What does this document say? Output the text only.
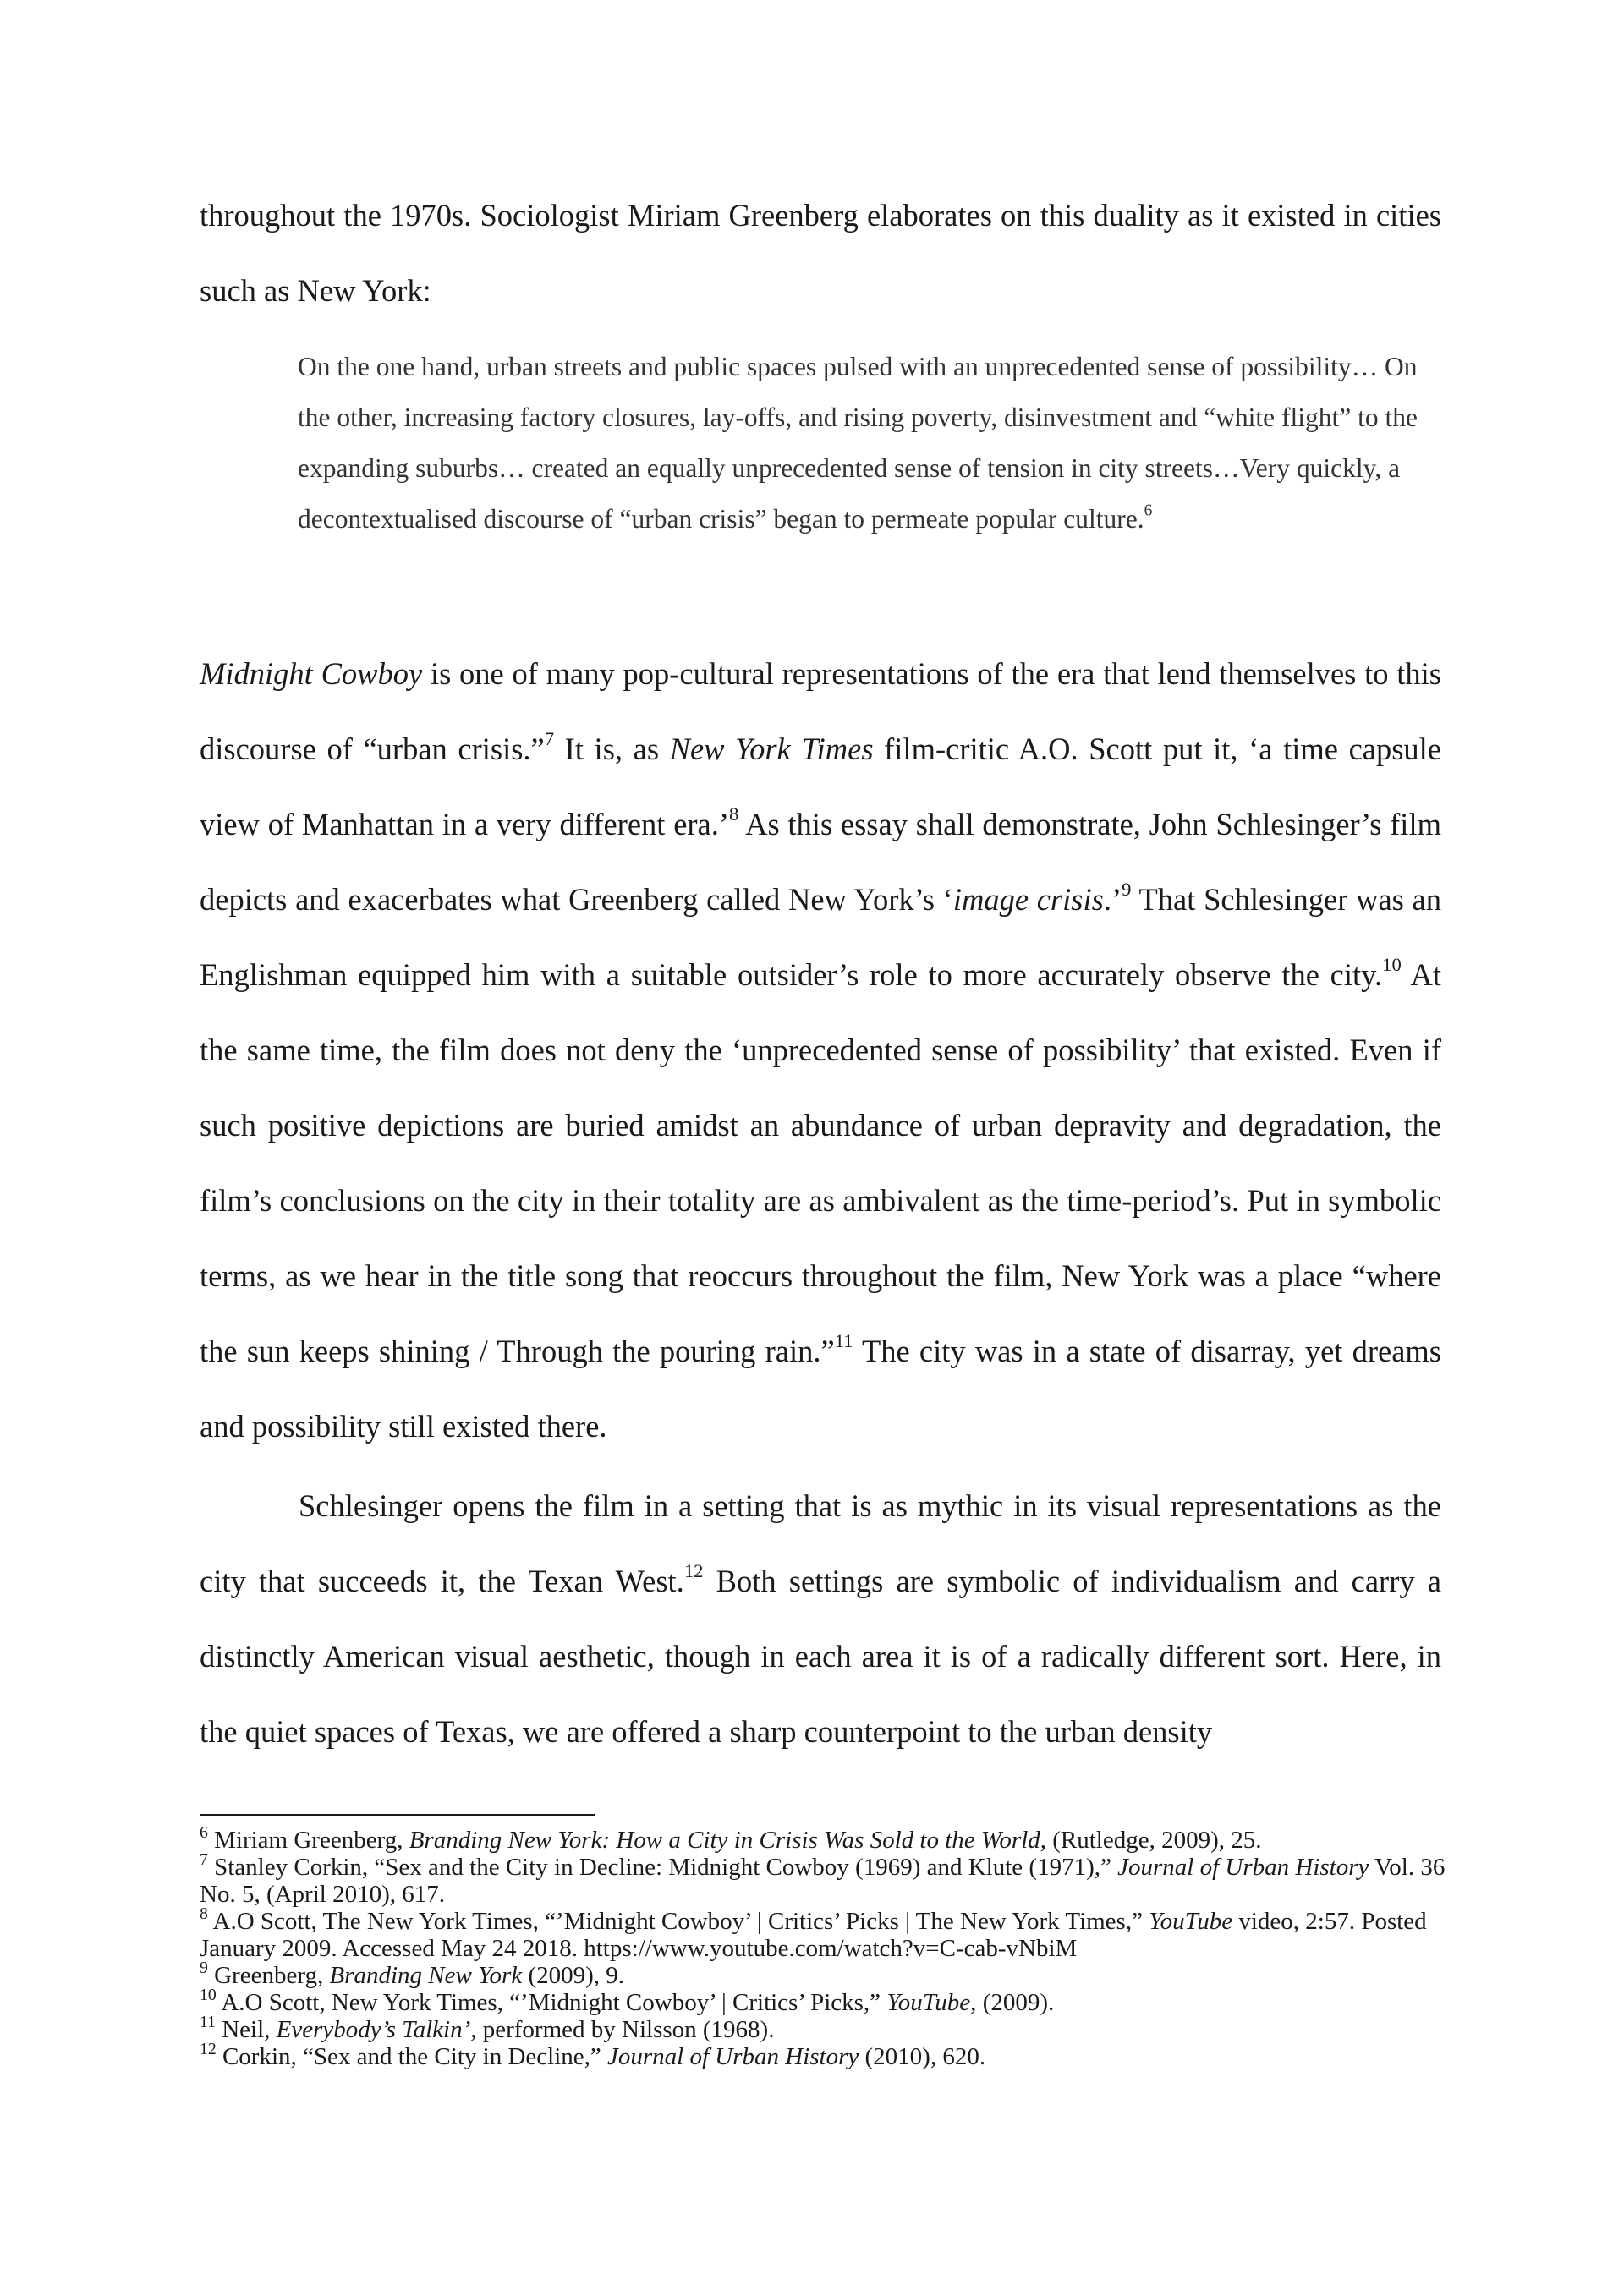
throughout the 1970s. Sociologist Miriam Greenberg elaborates on this duality as it existed in cities such as New York:

On the one hand, urban streets and public spaces pulsed with an unprecedented sense of possibility… On the other, increasing factory closures, lay-offs, and rising poverty, disinvestment and “white flight” to the expanding suburbs… created an equally unprecedented sense of tension in city streets…Very quickly, a decontextualised discourse of “urban crisis” began to permeate popular culture.$^6$

Midnight Cowboy is one of many pop-cultural representations of the era that lend themselves to this discourse of “urban crisis.”$^7$ It is, as New York Times film-critic A.O. Scott put it, ‘a time capsule view of Manhattan in a very different era.’$^8$ As this essay shall demonstrate, John Schlesinger’s film depicts and exacerbates what Greenberg called New York’s ‘image crisis.’$^9$ That Schlesinger was an Englishman equipped him with a suitable outsider’s role to more accurately observe the city.$^{10}$ At the same time, the film does not deny the ‘unprecedented sense of possibility’ that existed. Even if such positive depictions are buried amidst an abundance of urban depravity and degradation, the film’s conclusions on the city in their totality are as ambivalent as the time-period’s. Put in symbolic terms, as we hear in the title song that reoccurs throughout the film, New York was a place “where the sun keeps shining / Through the pouring rain.”$^{11}$ The city was in a state of disarray, yet dreams and possibility still existed there.

Schlesinger opens the film in a setting that is as mythic in its visual representations as the city that succeeds it, the Texan West.$^{12}$ Both settings are symbolic of individualism and carry a distinctly American visual aesthetic, though in each area it is of a radically different sort. Here, in the quiet spaces of Texas, we are offered a sharp counterpoint to the urban density

$^6$ Miriam Greenberg, Branding New York: How a City in Crisis Was Sold to the World, (Rutledge, 2009), 25.

$^7$ Stanley Corkin, “Sex and the City in Decline: Midnight Cowboy (1969) and Klute (1971),” Journal of Urban History Vol. 36 No. 5, (April 2010), 617.

$^8$ A.O Scott, The New York Times, “’Midnight Cowboy’ | Critics’ Picks | The New York Times,” YouTube video, 2:57. Posted January 2009. Accessed May 24 2018. https://www.youtube.com/watch?v=C-cab-vNbiM

$^9$ Greenberg, Branding New York (2009), 9.

$^{10}$ A.O Scott, New York Times, “’Midnight Cowboy’ | Critics’ Picks,” YouTube, (2009).

$^{11}$ Neil, Everybody’s Talkin’, performed by Nilsson (1968).

$^{12}$ Corkin, “Sex and the City in Decline,” Journal of Urban History (2010), 620.
